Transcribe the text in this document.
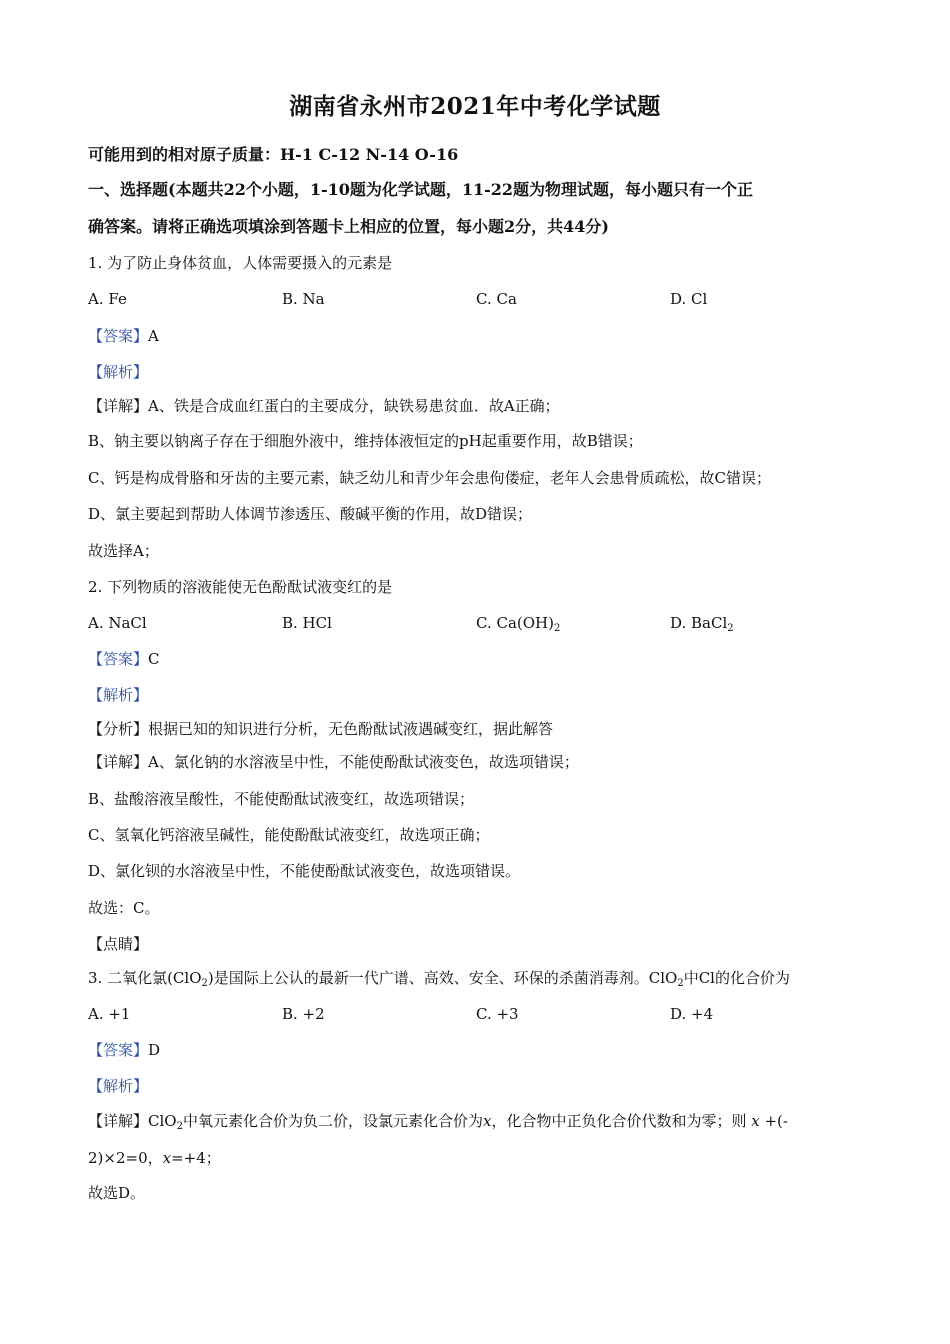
湖南省永州市2021年中考化学试题
可能用到的相对原子质量：H-1 C-12 N-14 O-16
一、选择题(本题共22个小题，1-10题为化学试题，11-22题为物理试题，每小题只有一个正
确答案。请将正确选项填涂到答题卡上相应的位置，每小题2分，共44分)
1. 为了防止身体贫血，人体需要摄入的元素是
A. Fe	B. Na	C. Ca	D. Cl
【答案】A
【解析】
【详解】A、铁是合成血红蛋白的主要成分，缺铁易患贫血．故A正确；
B、钠主要以钠离子存在于细胞外液中，维持体液恒定的pH起重要作用，故B错误；
C、钙是构成骨胳和牙齿的主要元素，缺乏幼儿和青少年会患佝偻症，老年人会患骨质疏松，故C错误；
D、氯主要起到帮助人体调节渗透压、酸碱平衡的作用，故D错误；
故选择A；
2. 下列物质的溶液能使无色酚酞试液变红的是
A. NaCl	B. HCl	C. $Ca(OH)_2$	D. BaCl$_2$
【答案】C
【解析】
【分析】根据已知的知识进行分析，无色酚酞试液遇碱变红，据此解答
【详解】A、氯化钠的水溶液呈中性，不能使酚酞试液变色，故选项错误；
B、盐酸溶液呈酸性，不能使酚酞试液变红，故选项错误；
C、氢氧化钙溶液呈碱性，能使酚酞试液变红，故选项正确；
D、氯化钡的水溶液呈中性，不能使酚酞试液变色，故选项错误。
故选：C。
【点睛】
3. 二氧化氯(ClO$_2$)是国际上公认的最新一代广谱、高效、安全、环保的杀菌消毒剂。ClO$_2$中Cl的化合价为
A. +1	B. +2	C. +3	D. +4
【答案】D
【解析】
【详解】ClO$_2$中氧元素化合价为负二价，设氯元素化合价为x，化合物中正负化合价代数和为零；则 x +(-
2)×2=0，x=+4；
故选D。
